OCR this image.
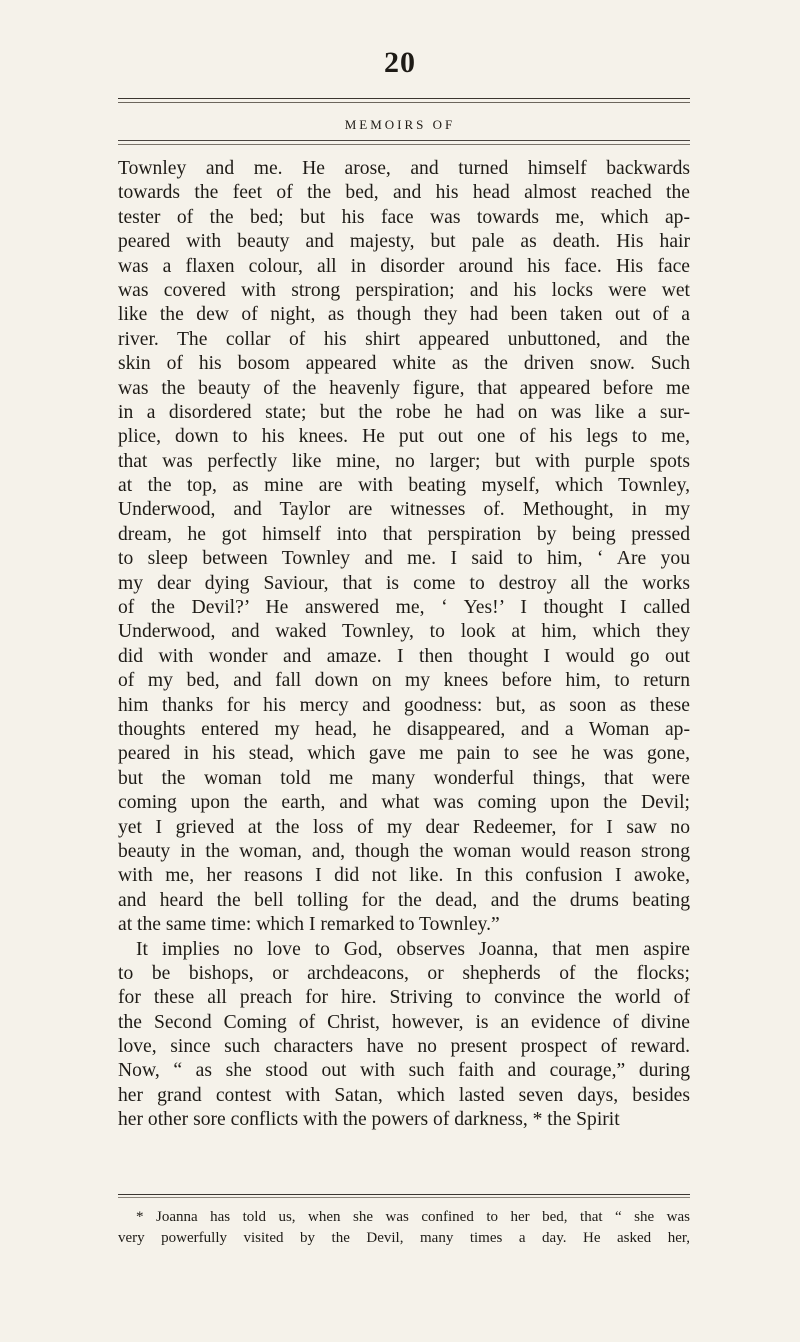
20
MEMOIRS OF
Townley and me. He arose, and turned himself backwards
towards the feet of the bed, and his head almost reached the
tester of the bed; but his face was towards me, which ap-
peared with beauty and majesty, but pale as death. His hair
was a flaxen colour, all in disorder around his face. His face
was covered with strong perspiration; and his locks were wet
like the dew of night, as though they had been taken out of a
river. The collar of his shirt appeared unbuttoned, and the
skin of his bosom appeared white as the driven snow. Such
was the beauty of the heavenly figure, that appeared before me
in a disordered state; but the robe he had on was like a sur-
plice, down to his knees. He put out one of his legs to me,
that was perfectly like mine, no larger; but with purple spots
at the top, as mine are with beating myself, which Townley,
Underwood, and Taylor are witnesses of. Methought, in my
dream, he got himself into that perspiration by being pressed
to sleep between Townley and me. I said to him, ‘ Are you
my dear dying Saviour, that is come to destroy all the works
of the Devil?’ He answered me, ‘ Yes!’ I thought I called
Underwood, and waked Townley, to look at him, which they
did with wonder and amaze. I then thought I would go out
of my bed, and fall down on my knees before him, to return
him thanks for his mercy and goodness: but, as soon as these
thoughts entered my head, he disappeared, and a Woman ap-
peared in his stead, which gave me pain to see he was gone,
but the woman told me many wonderful things, that were
coming upon the earth, and what was coming upon the Devil;
yet I grieved at the loss of my dear Redeemer, for I saw no
beauty in the woman, and, though the woman would reason strong
with me, her reasons I did not like. In this confusion I awoke,
and heard the bell tolling for the dead, and the drums beating
at the same time: which I remarked to Townley.”
It implies no love to God, observes Joanna, that men aspire
to be bishops, or archdeacons, or shepherds of the flocks;
for these all preach for hire. Striving to convince the world of
the Second Coming of Christ, however, is an evidence of divine
love, since such characters have no present prospect of reward.
Now, “ as she stood out with such faith and courage,” during
her grand contest with Satan, which lasted seven days, besides
her other sore conflicts with the powers of darkness, * the Spirit
* Joanna has told us, when she was confined to her bed, that “ she was
very powerfully visited by the Devil, many times a day. He asked her,
